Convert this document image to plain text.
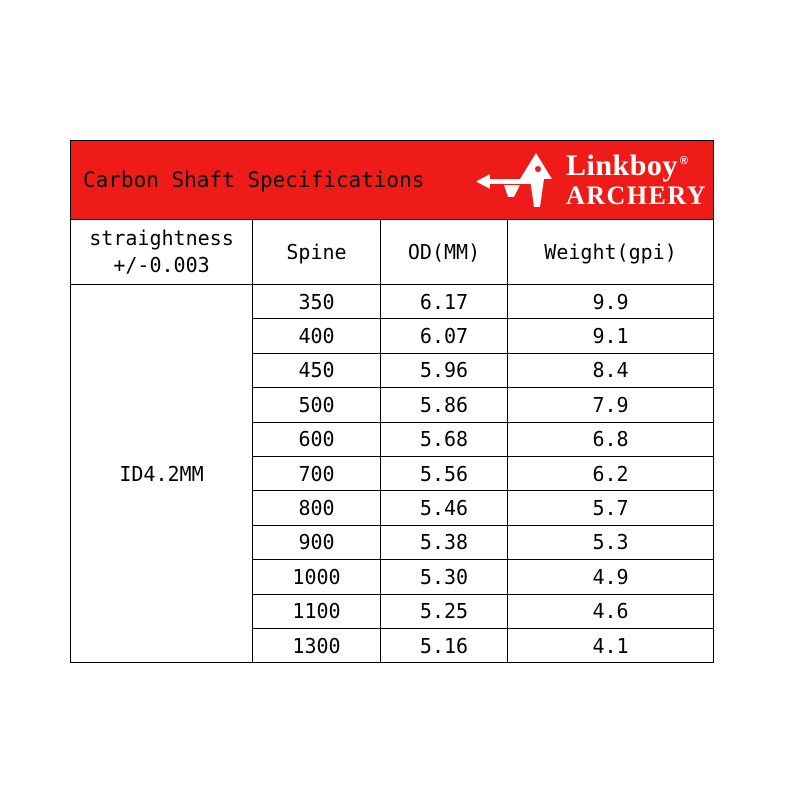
Carbon Shaft Specifications Linkboy ®
ARCHERY			

straightness
+/-0.003	Spine	OD(MM)	Weight(gpi)
ID4.2MM	350	6.17	9.9
	400	6.07	9.1
	450	5.96	8.4
	500	5.86	7.9
	600	5.68	6.8
	700	5.56	6.2
	800	5.46	5.7
	900	5.38	5.3
	1000	5.30	4.9
	1100	5.25	4.6
	1300	5.16	4.1
